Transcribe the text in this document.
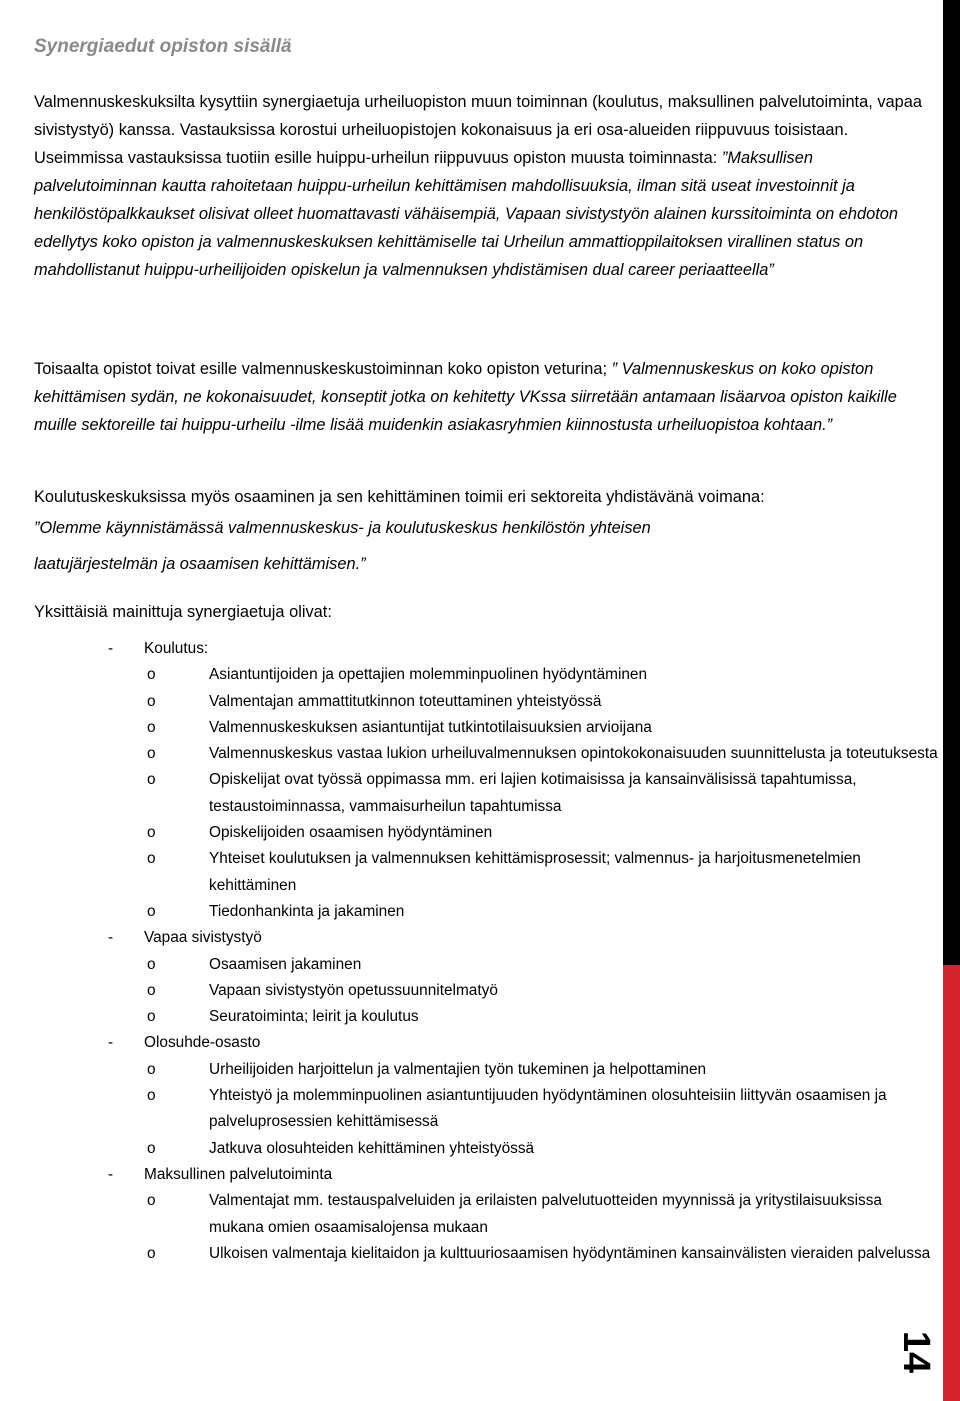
14
Synergiaedut opiston sisällä

Valmennuskeskuksilta kysyttiin synergiaetuja urheiluopiston muun toiminnan (koulutus, maksullinen palvelutoiminta, vapaa sivistystyö) kanssa. Vastauksissa korostui urheiluopistojen kokonaisuus ja eri osa-alueiden riippuvuus toisistaan. Useimmissa vastauksissa tuotiin esille huippu-urheilun riippuvuus opiston muusta toiminnasta: ”Maksullisen palvelutoiminnan kautta rahoitetaan huippu-urheilun kehittämisen mahdollisuuksia, ilman sitä useat investoinnit ja henkilöstöpalkkaukset olisivat olleet huomattavasti vähäisempiä, Vapaan sivistystyön alainen kurssitoiminta on ehdoton edellytys koko opiston ja valmennuskeskuksen kehittämiselle tai Urheilun ammattioppilaitoksen virallinen status on mahdollistanut huippu-urheilijoiden opiskelun ja valmennuksen yhdistämisen dual career periaatteella”

Toisaalta opistot toivat esille valmennuskeskustoiminnan koko opiston veturina; ” Valmennuskeskus on koko opiston kehittämisen sydän, ne kokonaisuudet, konseptit jotka on kehitetty VKssa siirretään antamaan lisäarvoa opiston kaikille muille sektoreille tai huippu-urheilu -ilme lisää muidenkin asiakasryhmien kiinnostusta urheiluopistoa kohtaan.”

Koulutuskeskuksissa myös osaaminen ja sen kehittäminen toimii eri sektoreita yhdistävänä voimana:

”Olemme käynnistämässä valmennuskeskus- ja koulutuskeskus henkilöstön yhteisen

laatujärjestelmän ja osaamisen kehittämisen.”

Yksittäisiä mainittuja synergiaetuja olivat:

- Koulutus:
o	Asiantuntijoiden ja opettajien molemminpuolinen hyödyntäminen
o	Valmentajan ammattitutkinnon toteuttaminen yhteistyössä
o	Valmennuskeskuksen asiantuntijat tutkintotilaisuuksien arvioijana
o	Valmennuskeskus vastaa lukion urheiluvalmennuksen opintokokonaisuuden suunnittelusta ja toteutuksesta
o	Opiskelijat ovat työssä oppimassa mm. eri lajien kotimaisissa ja kansainvälisissä tapahtumissa, testaustoiminnassa, vammaisurheilun tapahtumissa
o	Opiskelijoiden osaamisen hyödyntäminen
o	Yhteiset koulutuksen ja valmennuksen kehittämisprosessit; valmennus- ja harjoitusmenetelmien kehittäminen
o	Tiedonhankinta ja jakaminen
- Vapaa sivistystyö
o	Osaamisen jakaminen
o	Vapaan sivistystyön opetussuunnitelmatyö
o	Seuratoiminta; leirit ja koulutus
- Olosuhde-osasto
o	Urheilijoiden harjoittelun ja valmentajien työn tukeminen ja helpottaminen
o	Yhteistyö ja molemminpuolinen asiantuntijuuden hyödyntäminen olosuhteisiin liittyvän osaamisen ja palveluprosessien kehittämisessä
o	Jatkuva olosuhteiden kehittäminen yhteistyössä
- Maksullinen palvelutoiminta
o	Valmentajat mm. testauspalveluiden ja erilaisten palvelutuotteiden myynnissä ja yritystilaisuuksissa mukana omien osaamisalojensa mukaan
o	Ulkoisen valmentaja kielitaidon ja kulttuuriosaamisen hyödyntäminen kansainvälisten vieraiden palvelussa
